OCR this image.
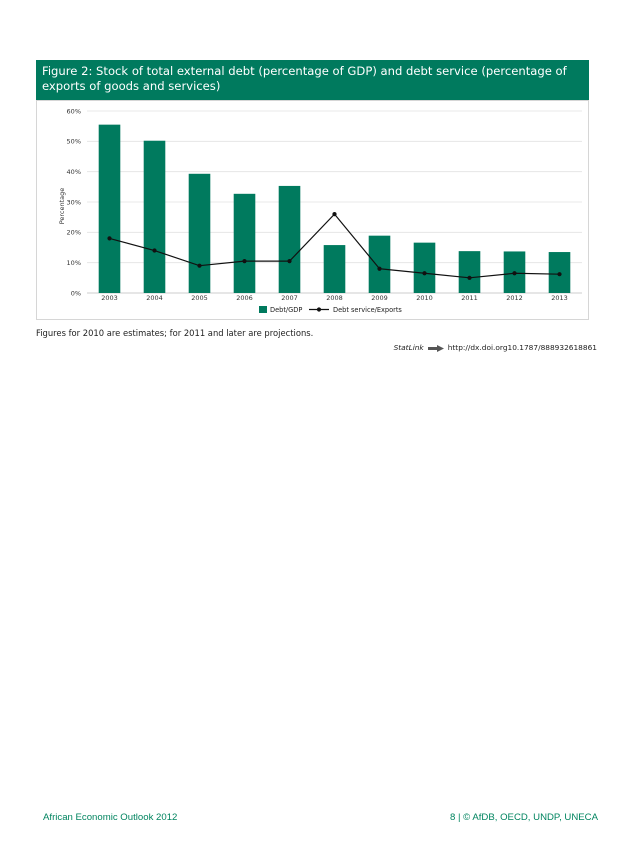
Figure 2: Stock of total external debt (percentage of GDP) and debt service (percentage of exports of goods and services)
0%
10%
20%
30%
40%
50%
60%
Percentage
2003	2004	2005	2006	2007	2008	2009	2010	2011	2012	2013
Debt/GDP	Debt service/Exports
Figures for 2010 are estimates; for 2011 and later are projections.
StatLink	http://dx.doi.org10.1787/888932618861
African Economic Outlook 2012	8 | © AfDB, OECD, UNDP, UNECA
